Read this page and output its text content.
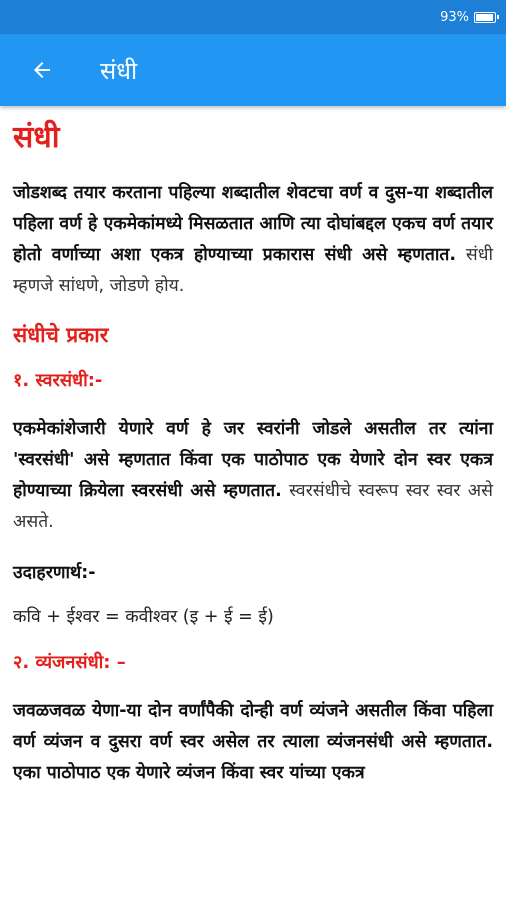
93%
संधी
संधी

जोडशब्द तयार करताना पहिल्या शब्दातील शेवटचा वर्ण व दुस-या शब्दातील पहिला वर्ण हे एकमेकांमध्ये मिसळतात आणि त्या दोघांबद्दल एकच वर्ण तयार होतो वर्णाच्या अशा एकत्र होण्याच्या प्रकारास संधी असे म्हणतात. संधी म्हणजे सांधणे, जोडणे होय.

संधीचे प्रकार
१. स्वरसंधी:-

एकमेकांशेजारी येणारे वर्ण हे जर स्वरांनी जोडले असतील तर त्यांना 'स्वरसंधी' असे म्हणतात किंवा एक पाठोपाठ एक येणारे दोन स्वर एकत्र होण्याच्या क्रियेला स्वरसंधी असे म्हणतात. स्वरसंधीचे स्वरूप स्वर स्वर असे असते.

उदाहरणार्थ:-

कवि + ईश्वर = कवीश्वर (इ + ई = ई)

२. व्यंजनसंधी: –

जवळजवळ येणा-या दोन वर्णांपैकी दोन्ही वर्ण व्यंजने असतील किंवा पहिला वर्ण व्यंजन व दुसरा वर्ण स्वर असेल तर त्याला व्यंजनसंधी असे म्हणतात. एका पाठोपाठ एक येणारे व्यंजन किंवा स्वर यांच्या एकत्र
